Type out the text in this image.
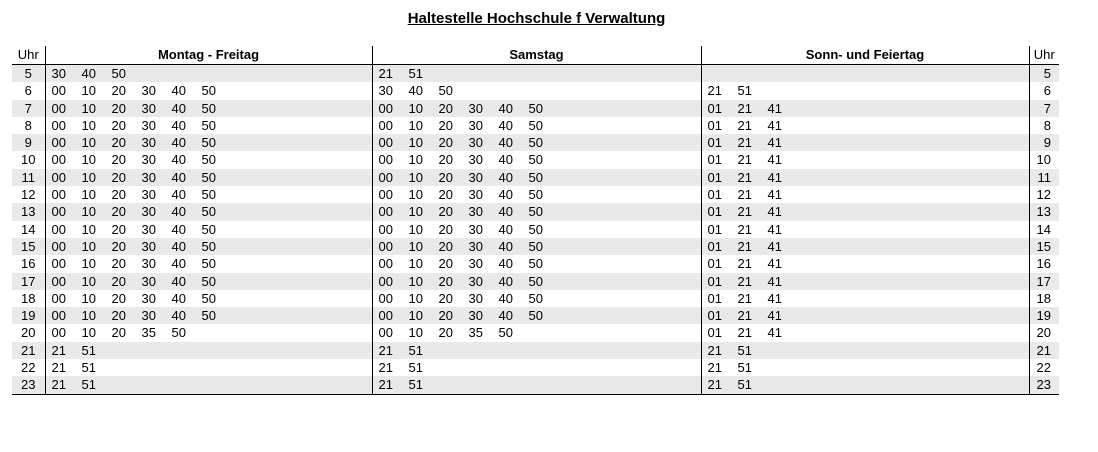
Haltestelle Hochschule f Verwaltung
Uhr	Montag - Freitag	Samstag	Sonn- und Feiertag	Uhr
5	30 40 50	21 51		5
6	00 10 20 30 40 50	30 40 50	21 51	6
7	00 10 20 30 40 50	00 10 20 30 40 50	01 21 41	7
8	00 10 20 30 40 50	00 10 20 30 40 50	01 21 41	8
9	00 10 20 30 40 50	00 10 20 30 40 50	01 21 41	9
10	00 10 20 30 40 50	00 10 20 30 40 50	01 21 41	10
11	00 10 20 30 40 50	00 10 20 30 40 50	01 21 41	11
12	00 10 20 30 40 50	00 10 20 30 40 50	01 21 41	12
13	00 10 20 30 40 50	00 10 20 30 40 50	01 21 41	13
14	00 10 20 30 40 50	00 10 20 30 40 50	01 21 41	14
15	00 10 20 30 40 50	00 10 20 30 40 50	01 21 41	15
16	00 10 20 30 40 50	00 10 20 30 40 50	01 21 41	16
17	00 10 20 30 40 50	00 10 20 30 40 50	01 21 41	17
18	00 10 20 30 40 50	00 10 20 30 40 50	01 21 41	18
19	00 10 20 30 40 50	00 10 20 30 40 50	01 21 41	19
20	00 10 20 35 50	00 10 20 35 50	01 21 41	20
21	21 51	21 51	21 51	21
22	21 51	21 51	21 51	22
23	21 51	21 51	21 51	23
